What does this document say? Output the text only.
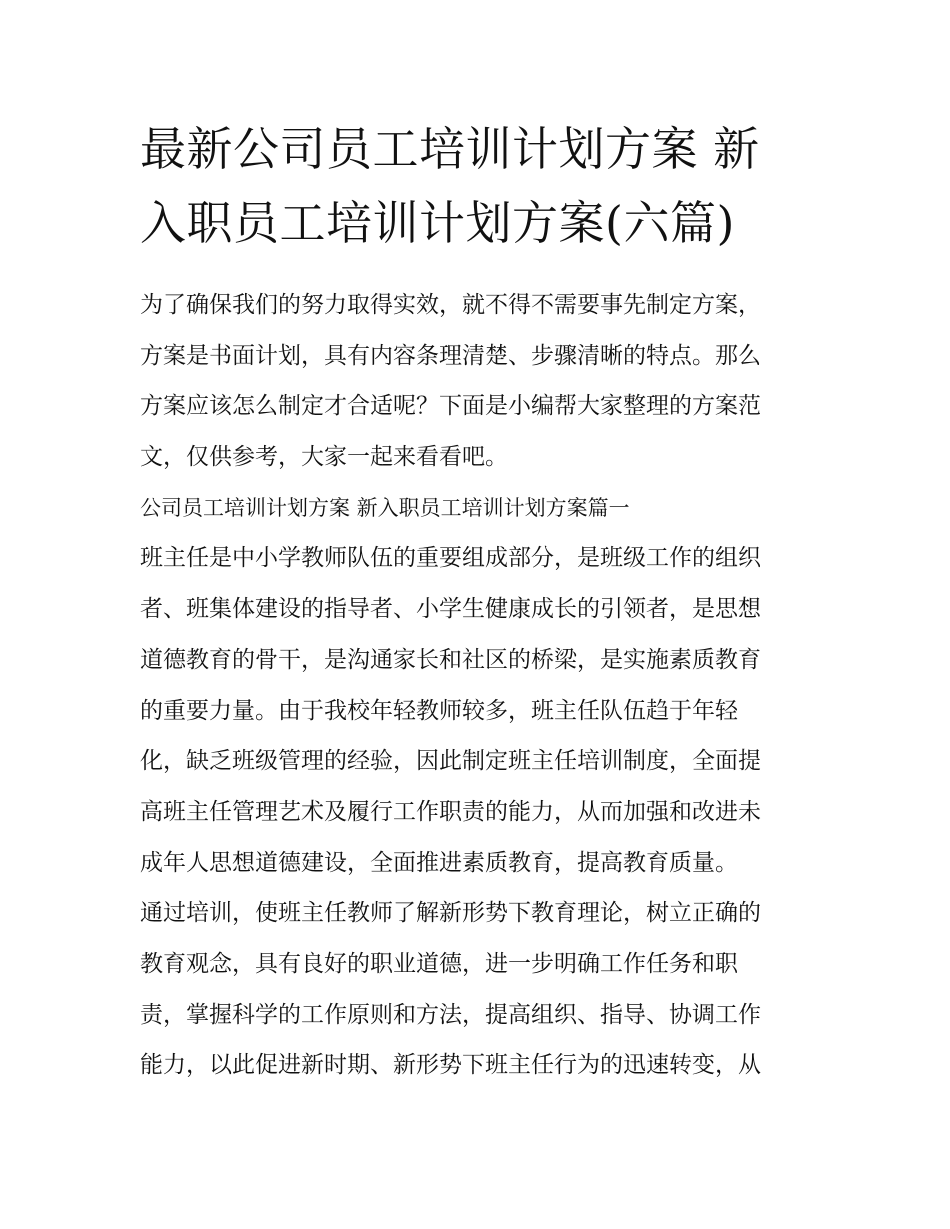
最新公司员工培训计划方案 新
入职员工培训计划方案(六篇)
为了确保我们的努力取得实效，就不得不需要事先制定方案，
方案是书面计划，具有内容条理清楚、步骤清晰的特点。那么
方案应该怎么制定才合适呢？下面是小编帮大家整理的方案范
文，仅供参考，大家一起来看看吧。
公司员工培训计划方案 新入职员工培训计划方案篇一
班主任是中小学教师队伍的重要组成部分，是班级工作的组织
者、班集体建设的指导者、小学生健康成长的引领者，是思想
道德教育的骨干，是沟通家长和社区的桥梁，是实施素质教育
的重要力量。由于我校年轻教师较多，班主任队伍趋于年轻
化，缺乏班级管理的经验，因此制定班主任培训制度，全面提
高班主任管理艺术及履行工作职责的能力，从而加强和改进未
成年人思想道德建设，全面推进素质教育，提高教育质量。
通过培训，使班主任教师了解新形势下教育理论，树立正确的
教育观念，具有良好的职业道德，进一步明确工作任务和职
责，掌握科学的工作原则和方法，提高组织、指导、协调工作
能力，以此促进新时期、新形势下班主任行为的迅速转变，从
